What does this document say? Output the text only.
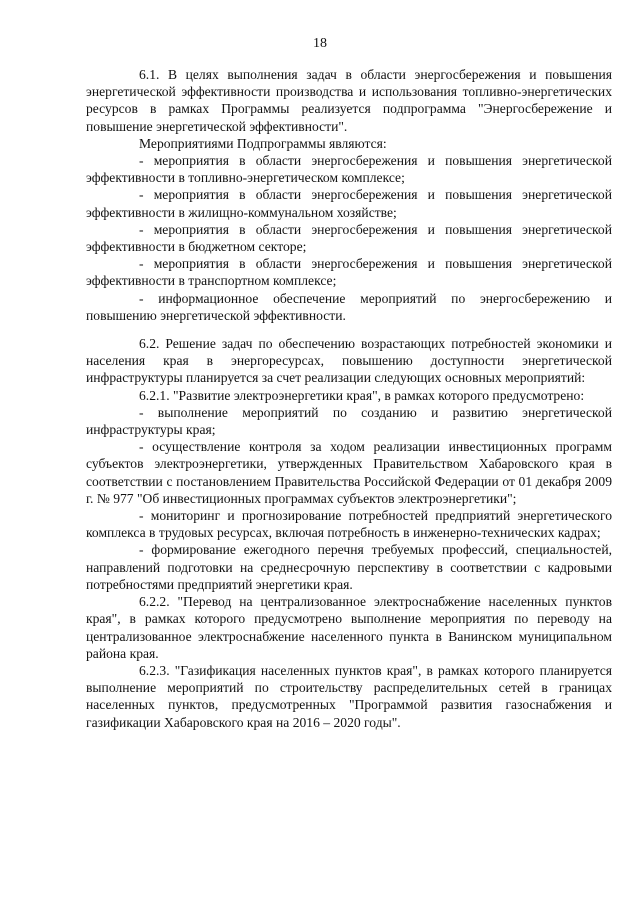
18

6.1. В целях выполнения задач в области энергосбережения и повышения энергетической эффективности производства и использования топливно-энергетических ресурсов в рамках Программы реализуется подпрограмма "Энергосбережение и повышение энергетической эффективности".

Мероприятиями Подпрограммы являются:

- мероприятия в области энергосбережения и повышения энергетической эффективности в топливно-энергетическом комплексе;

- мероприятия в области энергосбережения и повышения энергетической эффективности в жилищно-коммунальном хозяйстве;

- мероприятия в области энергосбережения и повышения энергетической эффективности в бюджетном секторе;

- мероприятия в области энергосбережения и повышения энергетической эффективности в транспортном комплексе;

- информационное обеспечение мероприятий по энергосбережению и повышению энергетической эффективности.

6.2. Решение задач по обеспечению возрастающих потребностей экономики и населения края в энергоресурсах, повышению доступности энергетической инфраструктуры планируется за счет реализации следующих основных мероприятий:

6.2.1. "Развитие электроэнергетики края", в рамках которого предусмотрено:

- выполнение мероприятий по созданию и развитию энергетической инфраструктуры края;

- осуществление контроля за ходом реализации инвестиционных программ субъектов электроэнергетики, утвержденных Правительством Хабаровского края в соответствии с постановлением Правительства Российской Федерации от 01 декабря 2009 г. № 977 "Об инвестиционных программах субъектов электроэнергетики";

- мониторинг и прогнозирование потребностей предприятий энергетического комплекса в трудовых ресурсах, включая потребность в инженерно-технических кадрах;

- формирование ежегодного перечня требуемых профессий, специальностей, направлений подготовки на среднесрочную перспективу в соответствии с кадровыми потребностями предприятий энергетики края.

6.2.2. "Перевод на централизованное электроснабжение населенных пунктов края", в рамках которого предусмотрено выполнение мероприятия по переводу на централизованное электроснабжение населенного пункта в Ванинском муниципальном района края.

6.2.3. "Газификация населенных пунктов края", в рамках которого планируется выполнение мероприятий по строительству распределительных сетей в границах населенных пунктов, предусмотренных "Программой развития газоснабжения и газификации Хабаровского края на 2016 – 2020 годы".
